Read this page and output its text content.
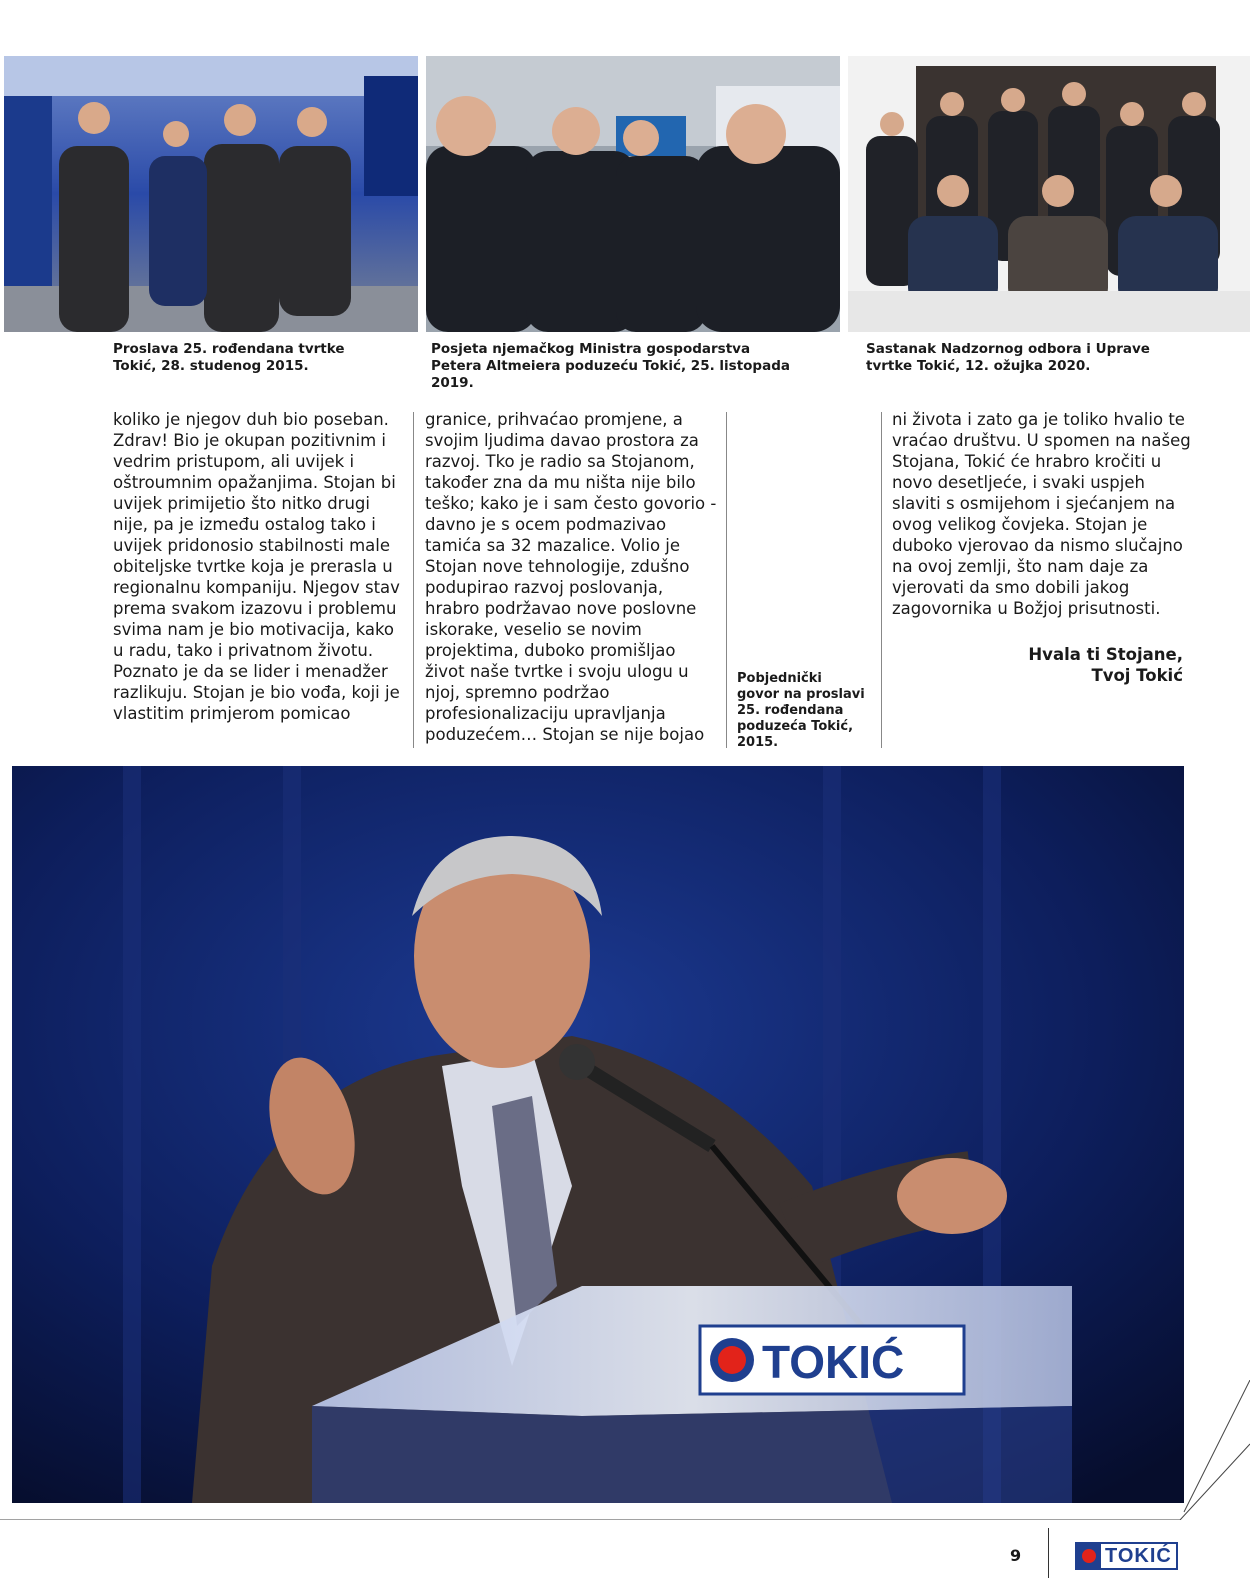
Proslava 25. rođendana tvrtke Tokić, 28. studenog 2015.
Posjeta njemačkog Ministra gospodarstva Petera Altmeiera poduzeću Tokić, 25. listopada 2019.
Sastanak Nadzornog odbora i Uprave tvrtke Tokić, 12. ožujka 2020.

koliko je njegov duh bio poseban. Zdrav! Bio je okupan pozitivnim i vedrim pristupom, ali uvijek i oštroumnim opažanjima. Stojan bi uvijek primijetio što nitko drugi nije, pa je između ostalog tako i uvijek pridonosio stabilnosti male obiteljske tvrtke koja je prerasla u regionalnu kompaniju. Njegov stav prema svakom izazovu i problemu svima nam je bio motivacija, kako u radu, tako i privatnom životu. Poznato je da se lider i menadžer razlikuju. Stojan je bio vođa, koji je vlastitim primjerom pomicao

granice, prihvaćao promjene, a svojim ljudima davao prostora za razvoj. Tko je radio sa Stojanom, također zna da mu ništa nije bilo teško; kako je i sam često govorio - davno je s ocem podmazivao tamića sa 32 mazalice. Volio je Stojan nove tehnologije, zdušno podupirao razvoj poslovanja, hrabro podržavao nove poslovne iskorake, veselio se novim projektima, duboko promišljao život naše tvrtke i svoju ulogu u njoj, spremno podržao profesionalizaciju upravljanja poduzećem… Stojan se nije bojao

Pobjednički govor na proslavi 25. rođendana poduzeća Tokić, 2015.

ni života i zato ga je toliko hvalio te vraćao društvu. U spomen na našeg Stojana, Tokić će hrabro kročiti u novo desetljeće, i svaki uspjeh slaviti s osmijehom i sjećanjem na ovog velikog čovjeka. Stojan je duboko vjerovao da nismo slučajno na ovoj zemlji, što nam daje za vjerovati da smo dobili jakog zagovornika u Božjoj prisutnosti.

Hvala ti Stojane,
Tvoj Tokić
TOKIĆ
9	TOKIĆ
